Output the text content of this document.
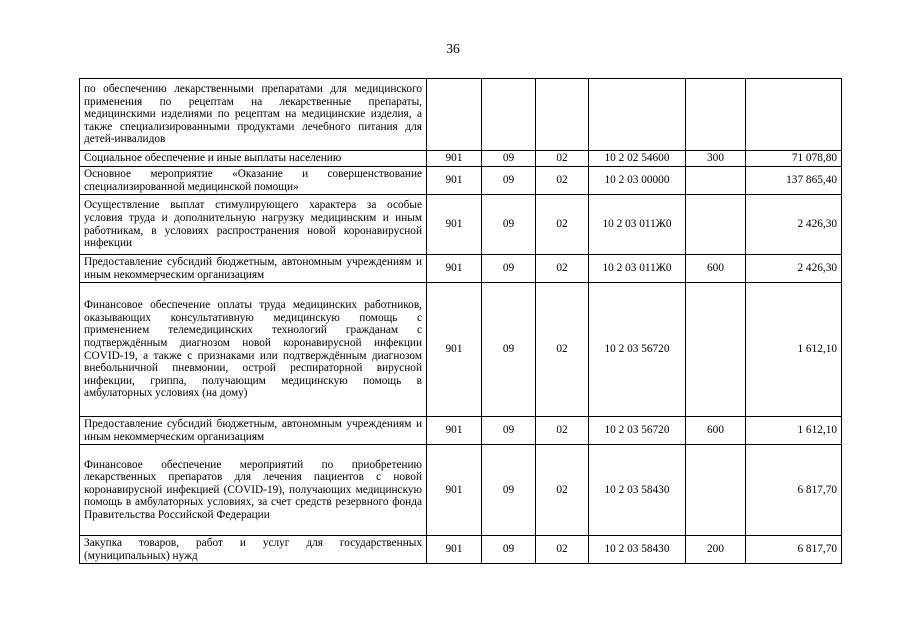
36
по обеспечению лекарственными препаратами для медицинского применения по рецептам на лекарственные препараты, медицинскими изделиями по рецептам на медицинские изделия, а также специализированными продуктами лечебного питания для детей-инвалидов						
Социальное обеспечение и иные выплаты населению	901	09	02	10 2 02 54600	300	71 078,80
Основное мероприятие «Оказание и совершенствование специализированной медицинской помощи»	901	09	02	10 2 03 00000		137 865,40
Осуществление выплат стимулирующего характера за особые условия труда и дополнительную нагрузку медицинским и иным работникам, в условиях распространения новой коронавирусной инфекции	901	09	02	10 2 03 011Ж0		2 426,30
Предоставление субсидий бюджетным, автономным учреждениям и иным некоммерческим организациям	901	09	02	10 2 03 011Ж0	600	2 426,30
Финансовое обеспечение оплаты труда медицинских работников, оказывающих консультативную медицинскую помощь с применением телемедицинских технологий гражданам с подтверждённым диагнозом новой коронавирусной инфекции COVID-19, а также с признаками или подтверждённым диагнозом внебольничной пневмонии, острой респираторной вирусной инфекции, гриппа, получающим медицинскую помощь в амбулаторных условиях (на дому)	901	09	02	10 2 03 56720		1 612,10
Предоставление субсидий бюджетным, автономным учреждениям и иным некоммерческим организациям	901	09	02	10 2 03 56720	600	1 612,10
Финансовое обеспечение мероприятий по приобретению лекарственных препаратов для лечения пациентов с новой коронавирусной инфекцией (COVID-19), получающих медицинскую помощь в амбулаторных условиях, за счет средств резервного фонда Правительства Российской Федерации	901	09	02	10 2 03 58430		6 817,70
Закупка товаров, работ и услуг для государственных (муниципальных) нужд	901	09	02	10 2 03 58430	200	6 817,70
